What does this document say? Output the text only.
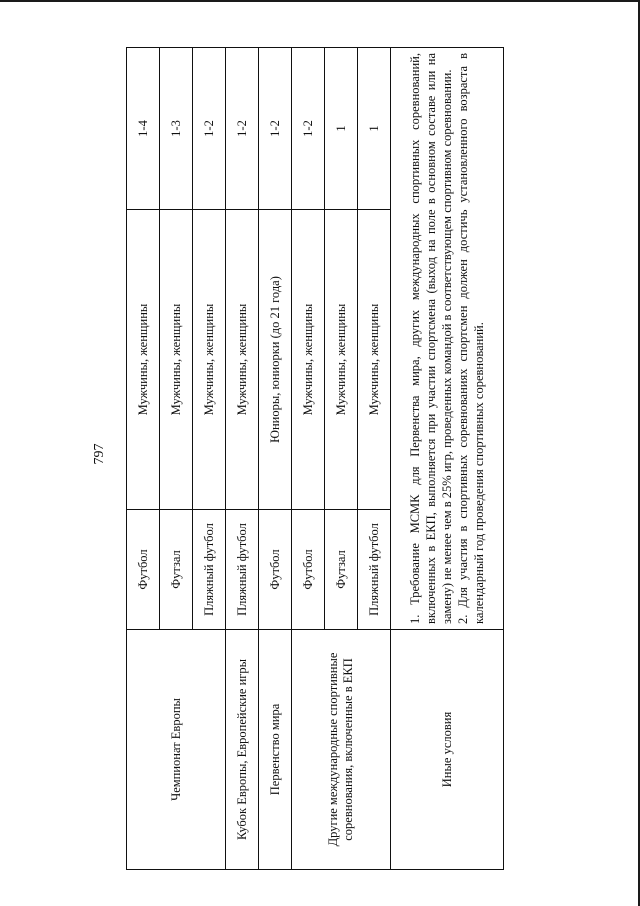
797
Чемпионат Европы	Футбол	Мужчины, женщины	1-4
	Футзал	Мужчины, женщины	1-3
	Пляжный футбол	Мужчины, женщины	1-2
Кубок Европы, Европейские игры	Пляжный футбол	Мужчины, женщины	1-2
Первенство мира	Футбол	Юниоры, юниорки (до 21 года)	1-2
Другие международные спортивные соревнования, включенные в ЕКП	Футбол	Мужчины, женщины	1-2
	Футзал	Мужчины, женщины	1
	Пляжный футбол	Мужчины, женщины	1
Иные условия	1. Требование МСМК для Первенства мира, других международных спортивных соревнований, включенных в ЕКП, выполняется при участии спортсмена (выход на поле в основном составе или на замену) не менее чем в 25% игр, проведенных командой в соответствующем спортивном соревновании. 2. Для участия в спортивных соревнованиях спортсмен должен достичь установленного возраста в календарный год проведения спортивных соревнований.		
